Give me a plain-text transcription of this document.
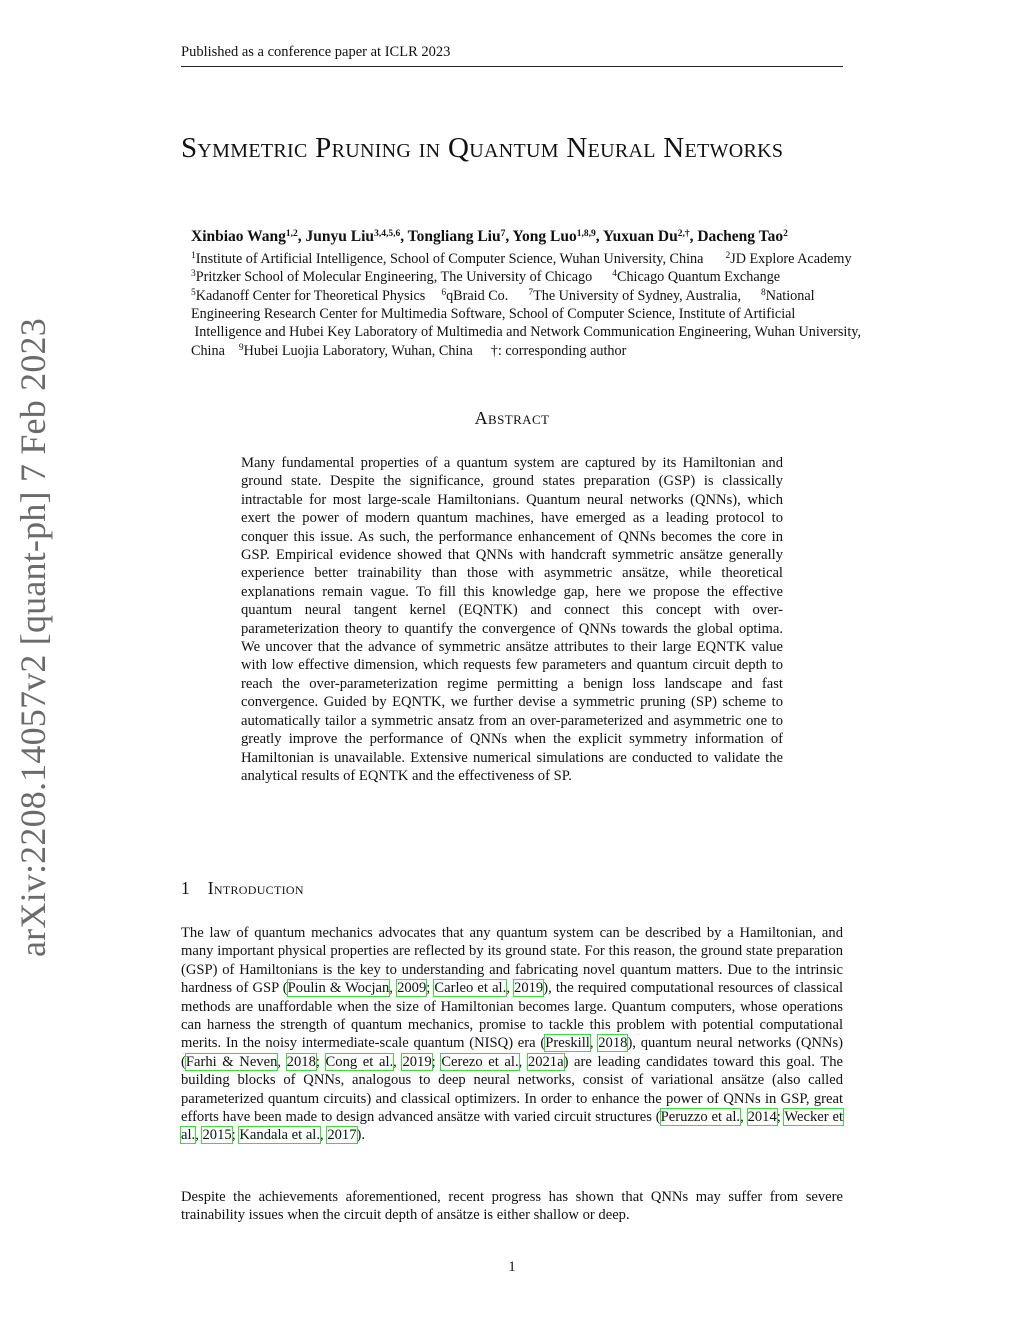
Published as a conference paper at ICLR 2023
arXiv:2208.14057v2 [quant-ph] 7 Feb 2023
Symmetric Pruning in Quantum Neural Networks
Xinbiao Wang$^{1,2}$, Junyu Liu$^{3,4,5,6}$, Tongliang Liu$^7$, Yong Luo$^{1,8,9}$, Yuxuan $Du^{2,\dagger}$, Dacheng Tao$^2$
$^1$Institute of Artificial Intelligence, School of Computer Science, Wuhan University, China $^2$JD Explore Academy
$^3$Pritzker School of Molecular Engineering, The University of Chicago $^4$Chicago Quantum Exchange
$^5$Kadanoff Center for Theoretical Physics $^6$qBraid Co. $^7$The University of Sydney, Australia, $^8$National
Engineering Research Center for Multimedia Software, School of Computer Science, Institute of Artificial
Intelligence and Hubei Key Laboratory of Multimedia and Network Communication Engineering, Wuhan University,
China $^9$Hubei Luojia Laboratory, Wuhan, China †: corresponding author
Abstract
Many fundamental properties of a quantum system are captured by its Hamiltonian and ground state. Despite the significance, ground states preparation (GSP) is classically intractable for most large-scale Hamiltonians. Quantum neural networks (QNNs), which exert the power of modern quantum machines, have emerged as a leading protocol to conquer this issue. As such, the performance enhancement of QNNs becomes the core in GSP. Empirical evidence showed that QNNs with handcraft symmetric ansätze generally experience better trainability than those with asymmetric ansätze, while theoretical explanations remain vague. To fill this knowledge gap, here we propose the effective quantum neural tangent kernel (EQNTK) and connect this concept with over-parameterization theory to quantify the convergence of QNNs towards the global optima. We uncover that the advance of symmetric ansätze attributes to their large EQNTK value with low effective dimension, which requests few parameters and quantum circuit depth to reach the over-parameterization regime permitting a benign loss landscape and fast convergence. Guided by EQNTK, we further devise a symmetric pruning (SP) scheme to automatically tailor a symmetric ansatz from an over-parameterized and asymmetric one to greatly improve the performance of QNNs when the explicit symmetry information of Hamiltonian is unavailable. Extensive numerical simulations are conducted to validate the analytical results of EQNTK and the effectiveness of SP.
1 Introduction
The law of quantum mechanics advocates that any quantum system can be described by a Hamiltonian, and many important physical properties are reflected by its ground state. For this reason, the ground state preparation (GSP) of Hamiltonians is the key to understanding and fabricating novel quantum matters. Due to the intrinsic hardness of GSP (Poulin & Wocjan, 2009; Carleo et al., 2019), the required computational resources of classical methods are unaffordable when the size of Hamiltonian becomes large. Quantum computers, whose operations can harness the strength of quantum mechanics, promise to tackle this problem with potential computational merits. In the noisy intermediate-scale quantum (NISQ) era (Preskill, 2018), quantum neural networks (QNNs) (Farhi & Neven, 2018; Cong et al., 2019; Cerezo et al., 2021a) are leading candidates toward this goal. The building blocks of QNNs, analogous to deep neural networks, consist of variational ansätze (also called parameterized quantum circuits) and classical optimizers. In order to enhance the power of QNNs in GSP, great efforts have been made to design advanced ansätze with varied circuit structures (Peruzzo et al., 2014; Wecker et al., 2015; Kandala et al., 2017).
Despite the achievements aforementioned, recent progress has shown that QNNs may suffer from severe trainability issues when the circuit depth of ansätze is either shallow or deep.
1
